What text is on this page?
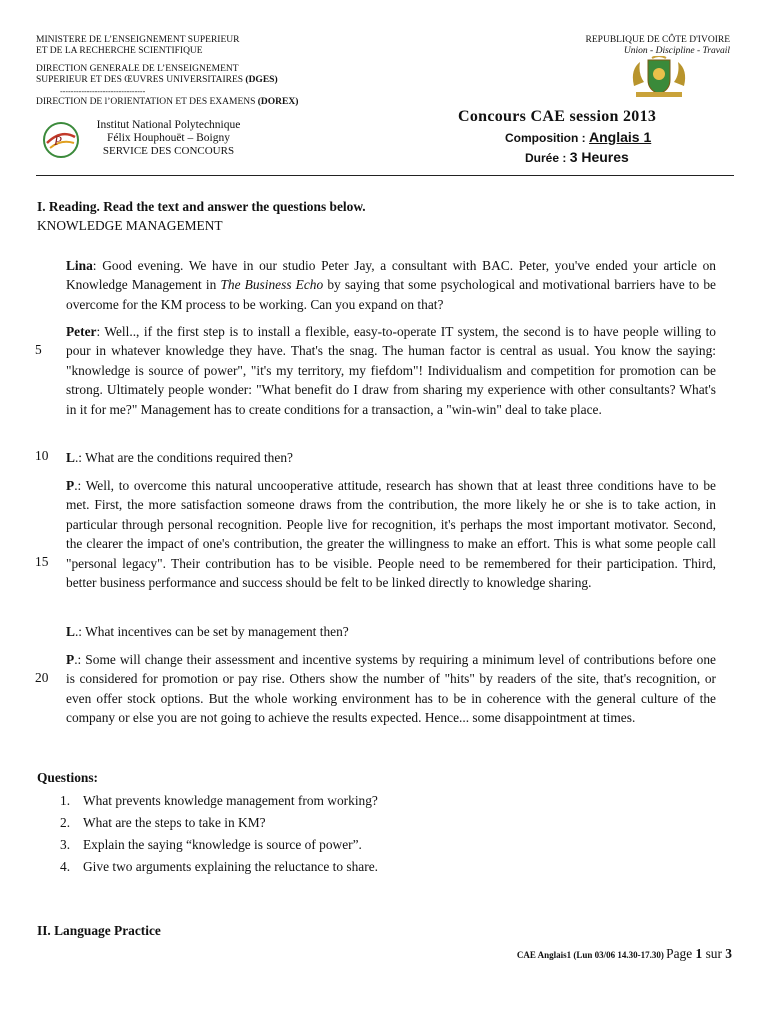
MINISTERE DE L’ENSEIGNEMENT SUPERIEUR
ET DE LA RECHERCHE SCIENTIFIQUE
DIRECTION GENERALE DE L’ENSEIGNEMENT
SUPERIEUR ET DES ŒUVRES UNIVERSITAIRES (DGES)
--------------------------------
DIRECTION DE l’ORIENTATION ET DES EXAMENS (DOREX)
REPUBLIQUE DE CÔTE D'IVOIRE
Union - Discipline - Travail
P
Institut National Polytechnique
Félix Houphouët – Boigny
SERVICE DES CONCOURS
Concours CAE session 2013
Composition : Anglais 1
Durée : 3 Heures
I. Reading. Read the text and answer the questions below.
KNOWLEDGE MANAGEMENT
Lina: Good evening. We have in our studio Peter Jay, a consultant with BAC. Peter, you've ended your article on Knowledge Management in The Business Echo by saying that some psychological and motivational barriers have to be overcome for the KM process to be working. Can you expand on that?
Peter: Well.., if the first step is to install a flexible, easy-to-operate IT system, the second is to have people willing to pour in whatever knowledge they have. That's the snag. The human factor is central as usual. You know the saying: "knowledge is source of power", "it's my territory, my fiefdom"! Individualism and competition for promotion can be strong. Ultimately people wonder: "What benefit do I draw from sharing my experience with other consultants? What's in it for me?" Management has to create conditions for a transaction, a "win-win" deal to take place.
L.: What are the conditions required then?
P.: Well, to overcome this natural uncooperative attitude, research has shown that at least three conditions have to be met. First, the more satisfaction someone draws from the contribution, the more likely he or she is to take action, in particular through personal recognition. People live for recognition, it's perhaps the most important motivator. Second, the clearer the impact of one's contribution, the greater the willingness to make an effort. This is what some people call "personal legacy". Their contribution has to be visible. People need to be remembered for their participation. Third, better business performance and success should be felt to be linked directly to knowledge sharing.
L.: What incentives can be set by management then?
P.: Some will change their assessment and incentive systems by requiring a minimum level of contributions before one is considered for promotion or pay rise. Others show the number of "hits" by readers of the site, that's recognition, or even offer stock options. But the whole working environment has to be in coherence with the general culture of the company or else you are not going to achieve the results expected. Hence... some disappointment at times.
5
10
15
20
Questions:
1. What prevents knowledge management from working?
2. What are the steps to take in KM?
3. Explain the saying “knowledge is source of power”.
4. Give two arguments explaining the reluctance to share.
II. Language Practice
CAE Anglais1 (Lun 03/06 14.30-17.30) Page 1 sur 3
